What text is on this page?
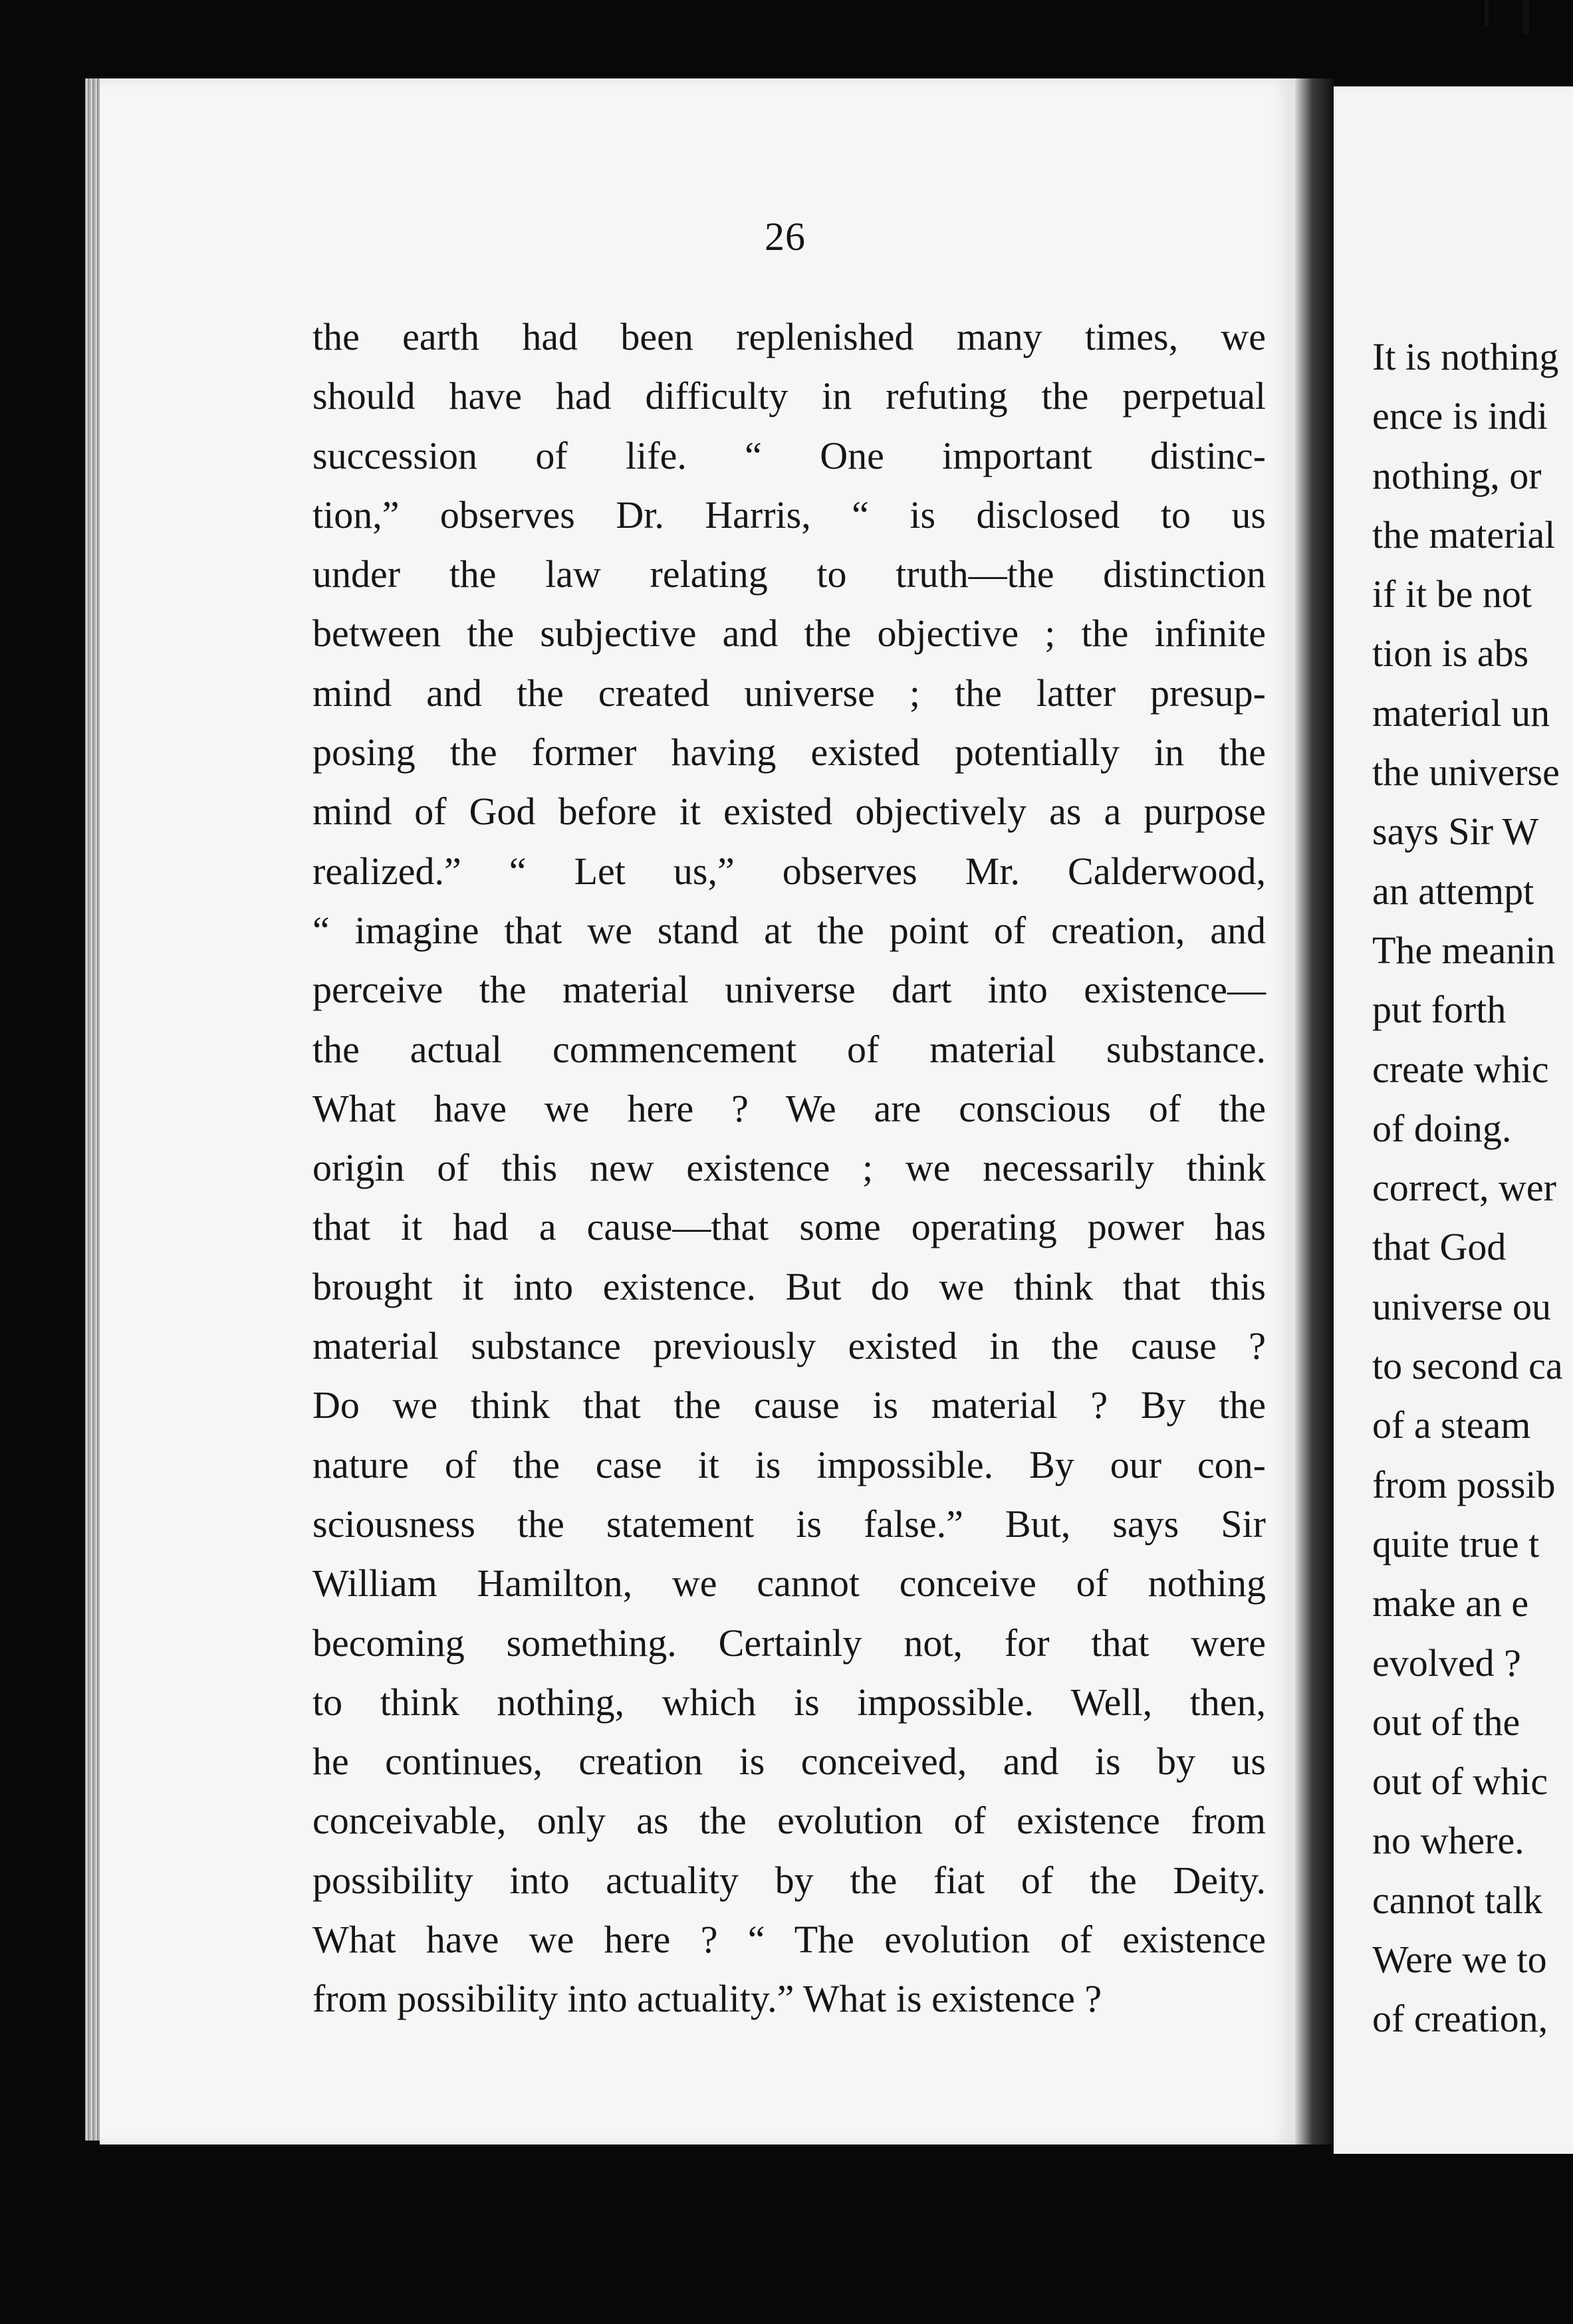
26
the earth had been replenished many times, we
should have had difficulty in refuting the perpetual
succession of life. “ One important distinc-
tion,” observes Dr. Harris, “ is disclosed to us
under the law relating to truth—the distinction
between the subjective and the objective ; the infinite
mind and the created universe ; the latter presup-
posing the former having existed potentially in the
mind of God before it existed objectively as a purpose
realized.” “ Let us,” observes Mr. Calderwood,
“ imagine that we stand at the point of creation, and
perceive the material universe dart into existence—
the actual commencement of material substance.
What have we here ? We are conscious of the
origin of this new existence ; we necessarily think
that it had a cause—that some operating power has
brought it into existence. But do we think that this
material substance previously existed in the cause ?
Do we think that the cause is material ? By the
nature of the case it is impossible. By our con-
sciousness the statement is false.” But, says Sir
William Hamilton, we cannot conceive of nothing
becoming something. Certainly not, for that were
to think nothing, which is impossible. Well, then,
he continues, creation is conceived, and is by us
conceivable, only as the evolution of existence from
possibility into actuality by the fiat of the Deity.
What have we here ? “ The evolution of existence
from possibility into actuality.” What is existence ?
It is nothing
ence is indi
nothing, or
the material
if it be not
tion is abs
materiɑl un
the universe
says Sir W
an attempt
The meanin
put forth
create whic
of doing.
correct, wer
that God
universe ou
to second ca
of a steam
from possib
quite true t
make an e
evolved ?
out of the
out of whic
no where.
cannot talk
Were we to
of creation,
